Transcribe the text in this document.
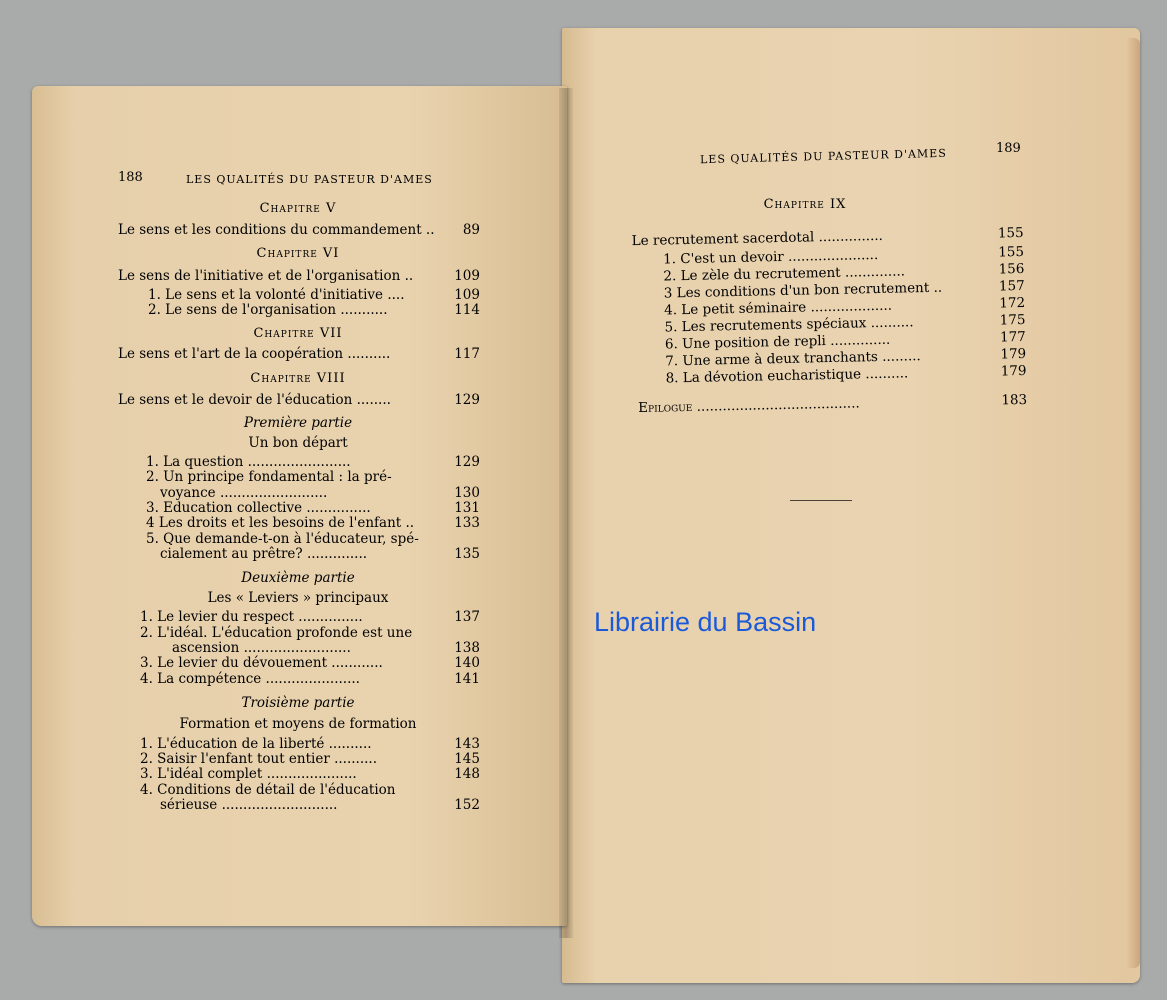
188	LES QUALITÉS DU PASTEUR D'AMES
Chapitre V
Le sens et les conditions du commandement .. 89
Chapitre VI
Le sens de l'initiative et de l'organisation ..	109
1. Le sens et la volonté d'initiative ....	109
2. Le sens de l'organisation ...........	114
Chapitre VII
Le sens et l'art de la coopération ..........	117
Chapitre VIII
Le sens et le devoir de l'éducation ........	129
Première partie
Un bon départ
1. La question ........................	129
2. Un principe fondamental : la pré-
voyance .........................	130
3. Education collective ...............	131
4 Les droits et les besoins de l'enfant ..	133
5. Que demande-t-on à l'éducateur, spé-
cialement au prêtre? ..............	135
Deuxième partie
Les « Leviers » principaux
1. Le levier du respect ...............	137
2. L'idéal. L'éducation profonde est une
ascension .........................	138
3. Le levier du dévouement ............	140
4. La compétence ......................	141
Troisième partie
Formation et moyens de formation
1. L'éducation de la liberté ..........	143
2. Saisir l'enfant tout entier ..........	145
3. L'idéal complet .....................	148
4. Conditions de détail de l'éducation
sérieuse ...........................	152
LES QUALITÉS DU PASTEUR D'AMES	189
Chapitre IX
Le recrutement sacerdotal ...............	155
1. C'est un devoir .....................	155
2. Le zèle du recrutement ..............	156
3 Les conditions d'un bon recrutement ..	157
4. Le petit séminaire ...................	172
5. Les recrutements spéciaux ..........	175
6. Une position de repli ..............	177
7. Une arme à deux tranchants .........	179
8. La dévotion eucharistique ..........	179
Epilogue ......................................	183
Librairie du Bassin
